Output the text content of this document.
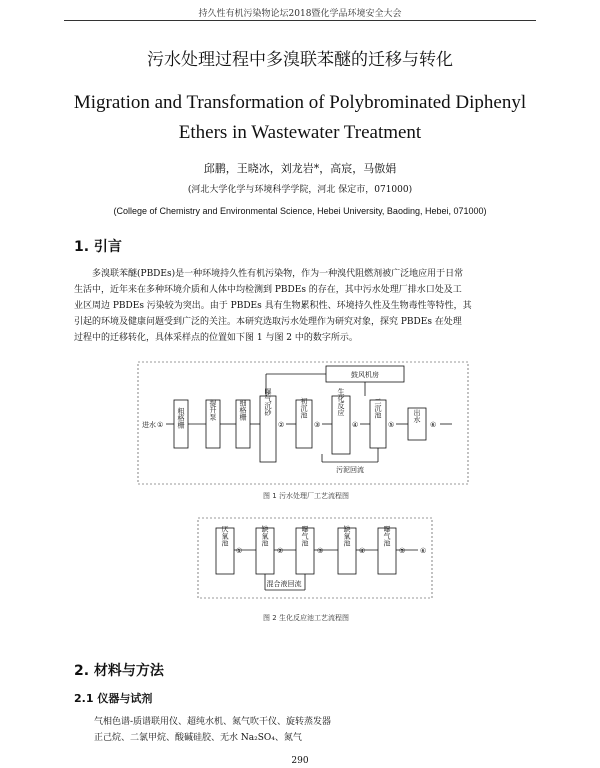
持久性有机污染物论坛2018暨化学品环境安全大会
污水处理过程中多溴联苯醚的迁移与转化
Migration and Transformation of Polybrominated Diphenyl
Ethers in Wastewater Treatment
邱鹏，王晓冰，刘龙岩*，高宸，马傲娟
(河北大学化学与环境科学学院，河北 保定市，071000)
(College of Chemistry and Environmental Science, Hebei University, Baoding, Hebei, 071000)
1. 引言

多溴联苯醚(PBDEs)是一种环境持久性有机污染物，作为一种溴代阻燃剂被广泛地应用于日常

生活中，近年来在多种环境介质和人体中均检测到 PBDEs 的存在，其中污水处理厂排水口处及工

业区周边 PBDEs 污染较为突出。由于 PBDEs 具有生物累积性、环境持久性及生物毒性等特性，其

引起的环境及健康问题受到广泛的关注。本研究选取污水处理作为研究对象，探究 PBDEs 在处理

过程中的迁移转化，具体采样点的位置如下图 1 与图 2 中的数字所示。

鼓风机房
进水 ① 粗格栅	提升泵	细格栅 曝气沉砂
②
初沉池
③
生化反应
④
二沉池
⑤
出水
⑥
污泥回流
图 1 污水处理厂工艺流程图
厌氧池
①
缺氧池
②
曝气池
③
缺氧池
④
曝气池
⑤ ⑥
混合液回流
图 2 生化反应池工艺流程图
2. 材料与方法
2.1 仪器与试剂
气相色谱-质谱联用仪、超纯水机、氮气吹干仪、旋转蒸发器
正己烷、二氯甲烷、酸碱硅胶、无水 Na₂SO₄、氮气
290
